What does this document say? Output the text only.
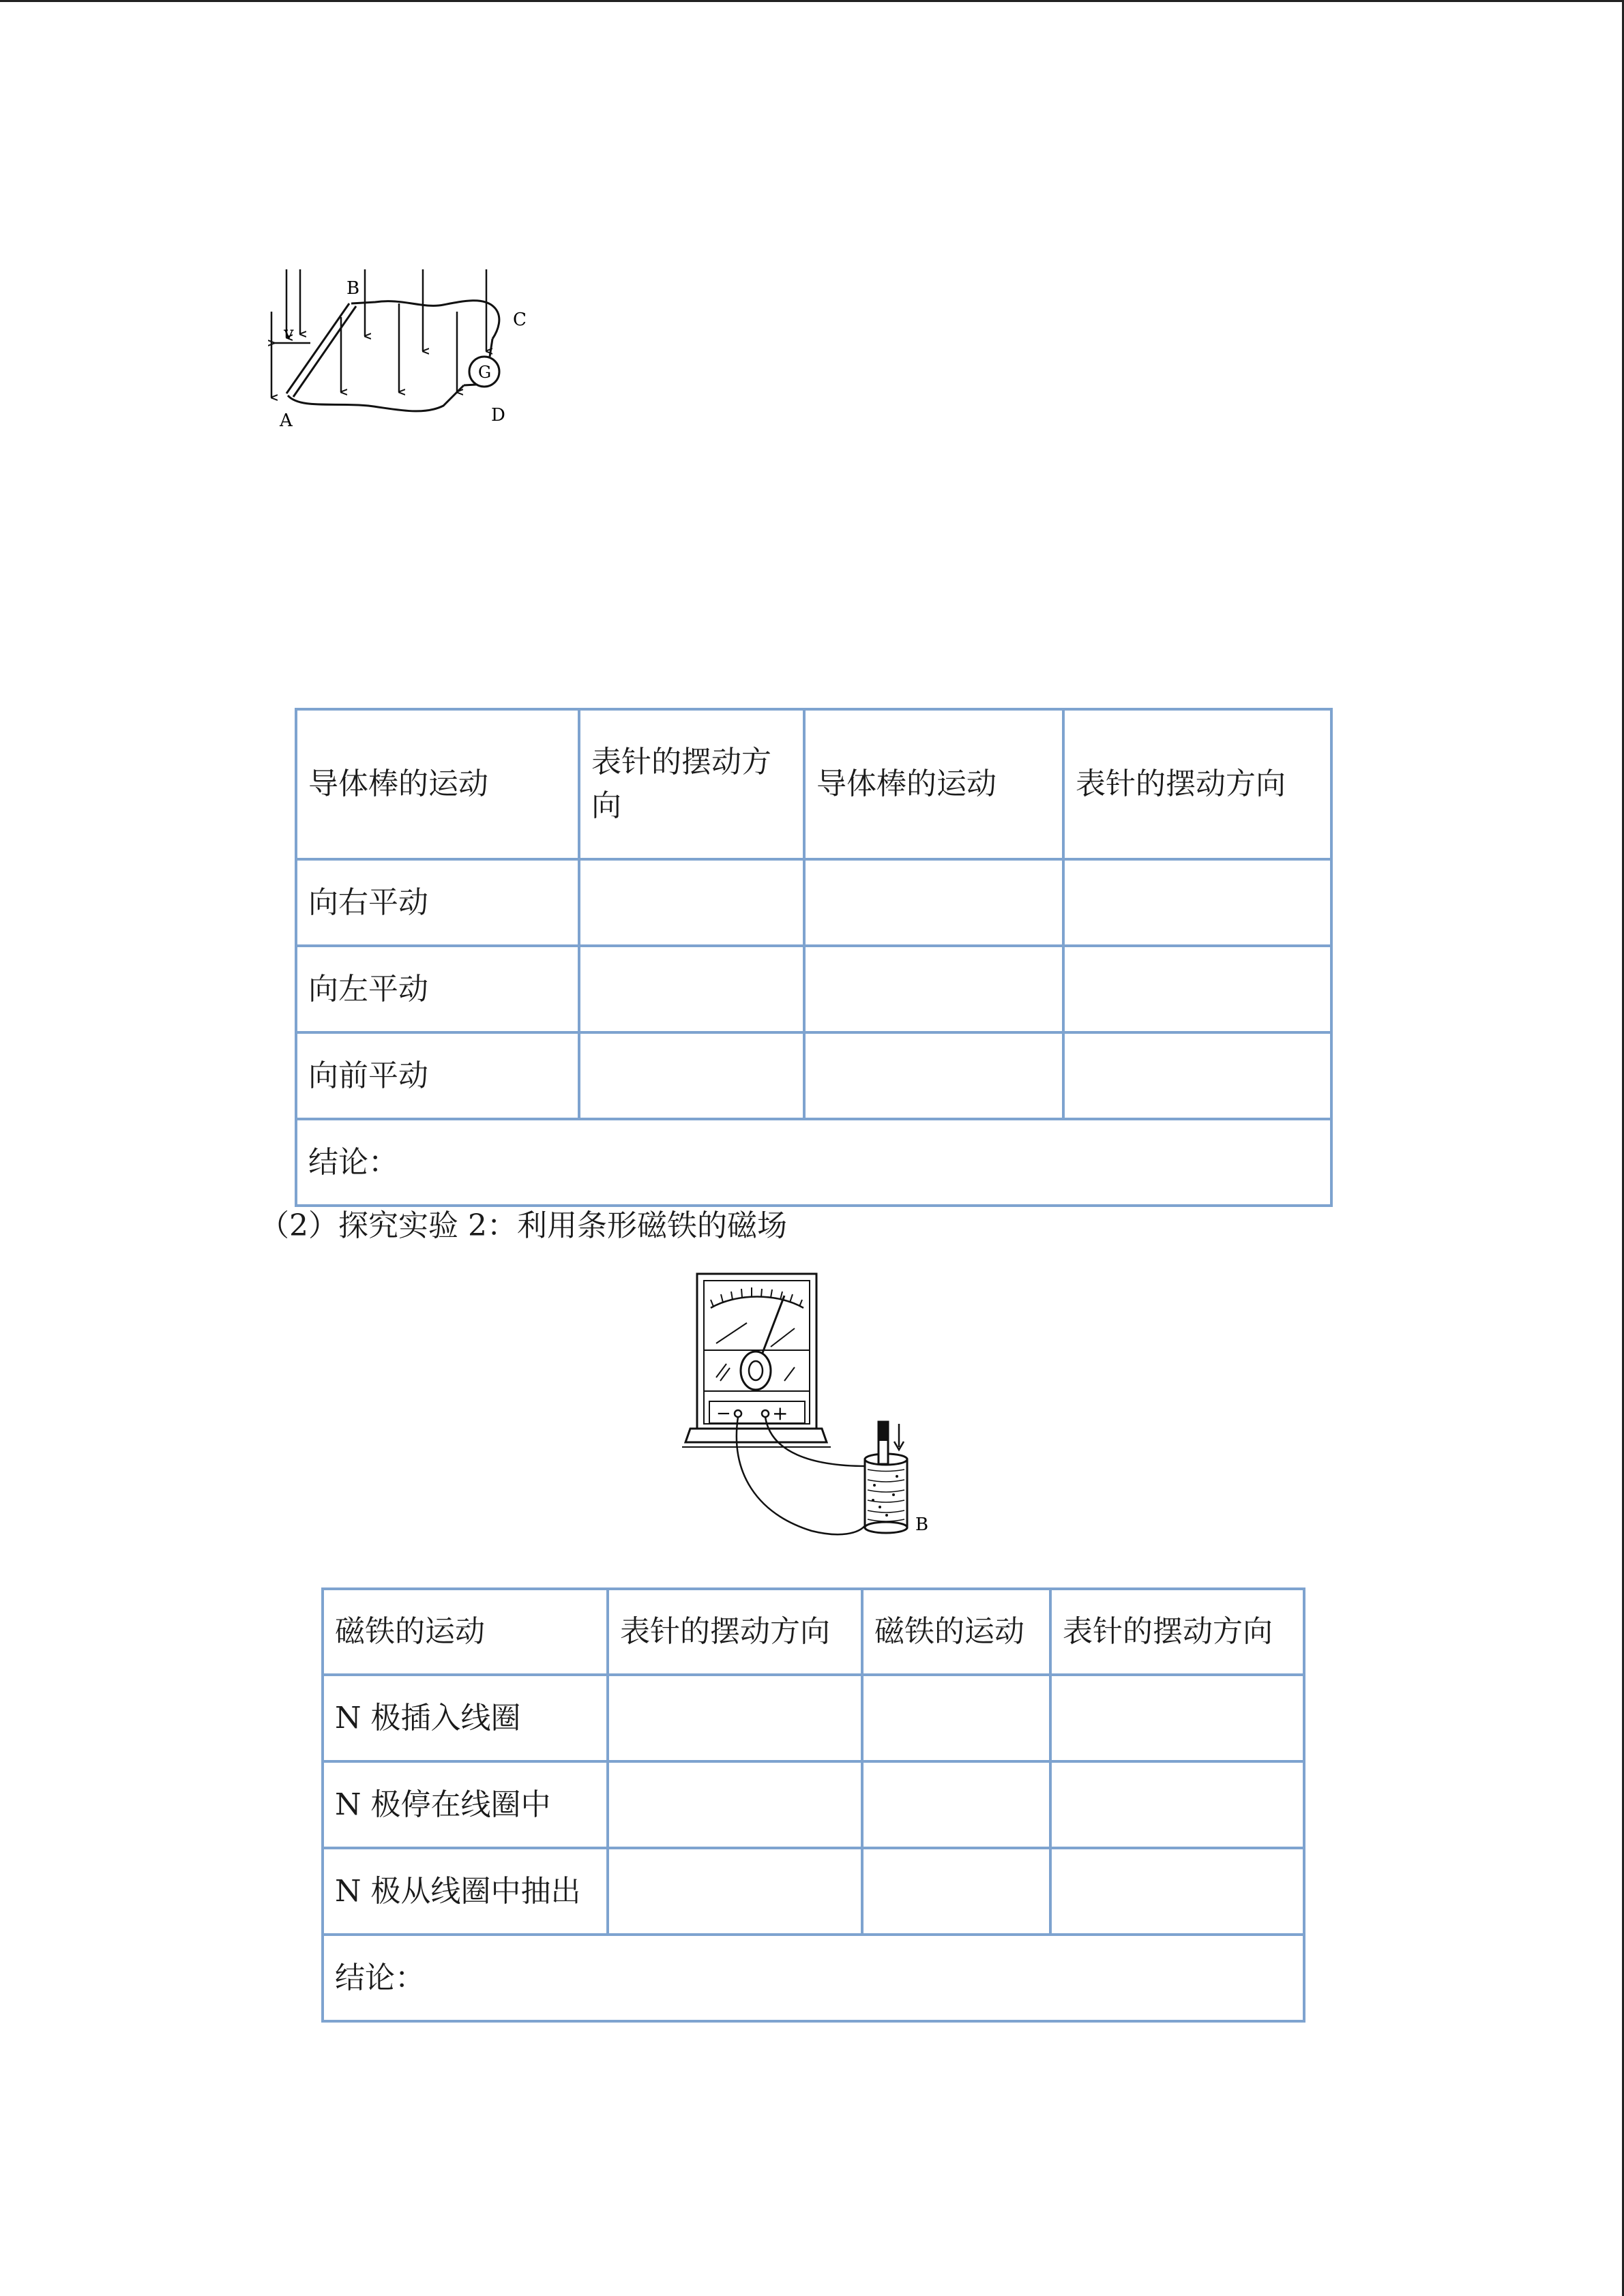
v
B
C
A	D
G
导体棒的运动	表针的摆动方向	导体棒的运动	表针的摆动方向
向右平动			
向左平动			
向前平动			
结论：			
（2）探究实验 2：利用条形磁铁的磁场
− +
B
磁铁的运动	表针的摆动方向	磁铁的运动	表针的摆动方向
N 极插入线圈			
N 极停在线圈中			
N 极从线圈中抽出			
结论：			
